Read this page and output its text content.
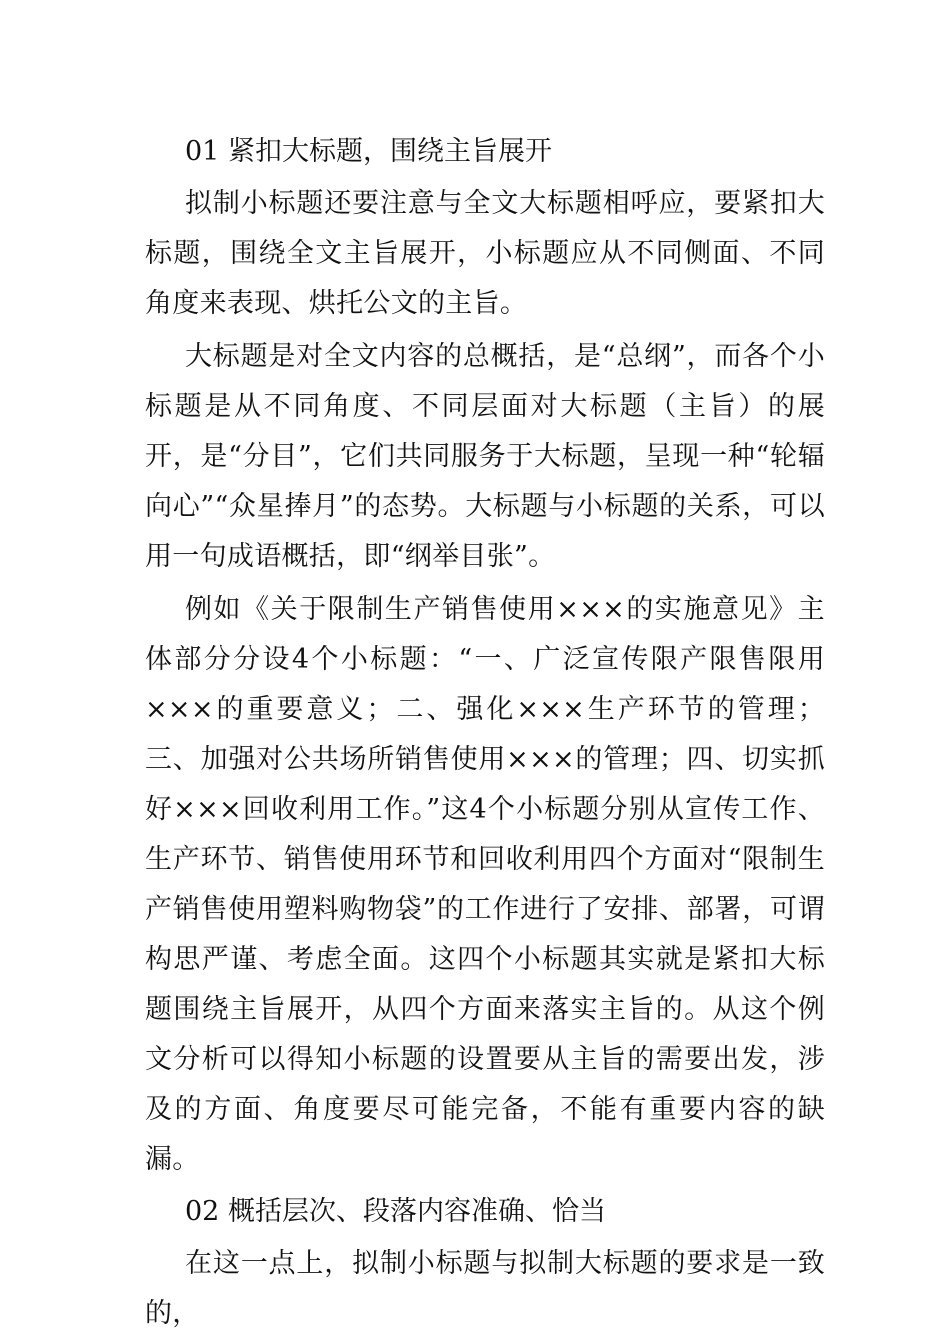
01 紧扣大标题，围绕主旨展开

拟制小标题还要注意与全文大标题相呼应，要紧扣大标题，围绕全文主旨展开，小标题应从不同侧面、不同角度来表现、烘托公文的主旨。

大标题是对全文内容的总概括，是“总纲”，而各个小标题是从不同角度、不同层面对大标题（主旨）的展开，是“分目”，它们共同服务于大标题，呈现一种“轮辐向心”“众星捧月”的态势。大标题与小标题的关系，可以用一句成语概括，即“纲举目张”。

例如《关于限制生产销售使用×××的实施意见》主体部分分设4个小标题：“一、广泛宣传限产限售限用×××的重要意义；二、强化×××生产环节的管理；三、加强对公共场所销售使用×××的管理；四、切实抓好×××回收利用工作。”这4个小标题分别从宣传工作、生产环节、销售使用环节和回收利用四个方面对“限制生产销售使用塑料购物袋”的工作进行了安排、部署，可谓构思严谨、考虑全面。这四个小标题其实就是紧扣大标题围绕主旨展开，从四个方面来落实主旨的。从这个例文分析可以得知小标题的设置要从主旨的需要出发，涉及的方面、角度要尽可能完备，不能有重要内容的缺漏。

02 概括层次、段落内容准确、恰当

在这一点上，拟制小标题与拟制大标题的要求是一致的，
